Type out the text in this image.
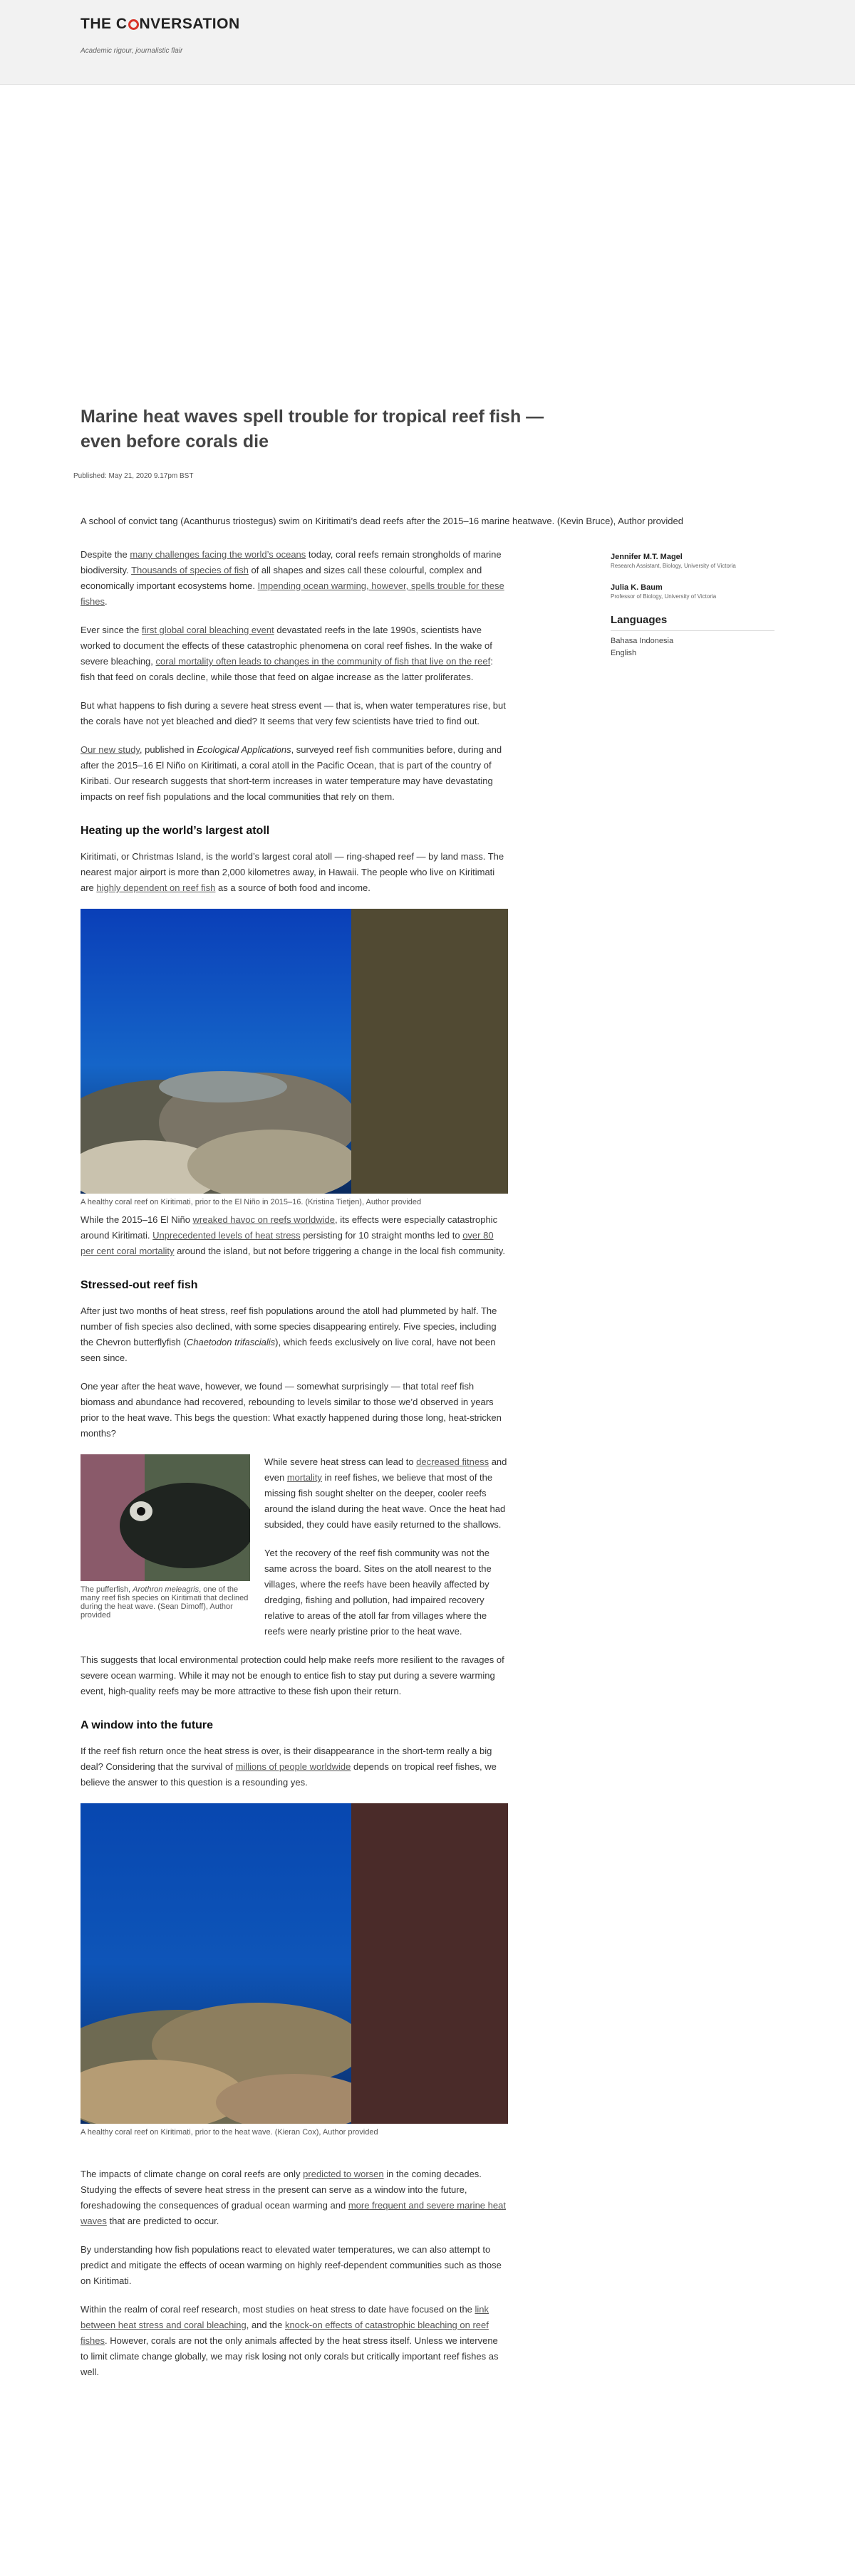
THE C NVERSATION
Academic rigour, journalistic flair
Marine heat waves spell trouble for tropical reef fish — even before corals die
Published: May 21, 2020 9.17pm BST
A school of convict tang (Acanthurus triostegus) swim on Kiritimati’s dead reefs after the 2015–16 marine heatwave. (Kevin Bruce), Author provided
Jennifer M.T. Magel
Research Assistant, Biology, University of Victoria
Julia K. Baum
Professor of Biology, University of Victoria
Languages
Bahasa Indonesia
English

Despite the many challenges facing the world’s oceans today, coral reefs remain strongholds of marine biodiversity. Thousands of species of fish of all shapes and sizes call these colourful, complex and economically important ecosystems home. Impending ocean warming, however, spells trouble for these fishes.

Ever since the first global coral bleaching event devastated reefs in the late 1990s, scientists have worked to document the effects of these catastrophic phenomena on coral reef fishes. In the wake of severe bleaching, coral mortality often leads to changes in the community of fish that live on the reef: fish that feed on corals decline, while those that feed on algae increase as the latter proliferates.

But what happens to fish during a severe heat stress event — that is, when water temperatures rise, but the corals have not yet bleached and died? It seems that very few scientists have tried to find out.

Our new study, published in Ecological Applications, surveyed reef fish communities before, during and after the 2015–16 El Niño on Kiritimati, a coral atoll in the Pacific Ocean, that is part of the country of Kiribati. Our research suggests that short-term increases in water temperature may have devastating impacts on reef fish populations and the local communities that rely on them.

Heating up the world’s largest atoll

Kiritimati, or Christmas Island, is the world’s largest coral atoll — ring-shaped reef — by land mass. The nearest major airport is more than 2,000 kilometres away, in Hawaii. The people who live on Kiritimati are highly dependent on reef fish as a source of both food and income.

While the 2015–16 El Niño wreaked havoc on reefs worldwide, its effects were especially catastrophic around Kiritimati. Unprecedented levels of heat stress persisting for 10 straight months led to over 80 per cent coral mortality around the island, but not before triggering a change in the local fish community.

Stressed-out reef fish

After just two months of heat stress, reef fish populations around the atoll had plummeted by half. The number of fish species also declined, with some species disappearing entirely. Five species, including the Chevron butterflyfish (Chaetodon trifascialis), which feeds exclusively on live coral, have not been seen since.

One year after the heat wave, however, we found — somewhat surprisingly — that total reef fish biomass and abundance had recovered, rebounding to levels similar to those we’d observed in years prior to the heat wave. This begs the question: What exactly happened during those long, heat-stricken months?

While severe heat stress can lead to decreased fitness and even mortality in reef fishes, we believe that most of the missing fish sought shelter on the deeper, cooler reefs around the island during the heat wave. Once the heat had subsided, they could have easily returned to the shallows.

Yet the recovery of the reef fish community was not the same across the board. Sites on the atoll nearest to the villages, where the reefs have been heavily affected by dredging, fishing and pollution, had impaired recovery relative to areas of the atoll far from villages where the reefs were nearly pristine prior to the heat wave.

This suggests that local environmental protection could help make reefs more resilient to the ravages of severe ocean warming. While it may not be enough to entice fish to stay put during a severe warming event, high-quality reefs may be more attractive to these fish upon their return.

A window into the future

If the reef fish return once the heat stress is over, is their disappearance in the short-term really a big deal? Considering that the survival of millions of people worldwide depends on tropical reef fishes, we believe the answer to this question is a resounding yes.

The impacts of climate change on coral reefs are only predicted to worsen in the coming decades. Studying the effects of severe heat stress in the present can serve as a window into the future, foreshadowing the consequences of gradual ocean warming and more frequent and severe marine heat waves that are predicted to occur.

By understanding how fish populations react to elevated water temperatures, we can also attempt to predict and mitigate the effects of ocean warming on highly reef-dependent communities such as those on Kiritimati.

Within the realm of coral reef research, most studies on heat stress to date have focused on the link between heat stress and coral bleaching, and the knock-on effects of catastrophic bleaching on reef fishes. However, corals are not the only animals affected by the heat stress itself. Unless we intervene to limit climate change globally, we may risk losing not only corals but critically important reef fishes as well.

A healthy coral reef on Kiritimati, prior to the El Niño in 2015–16. (Kristina Tietjen), Author provided
The pufferfish, Arothron meleagris, one of the many reef fish species on Kiritimati that declined during the heat wave. (Sean Dimoff), Author provided
A healthy coral reef on Kiritimati, prior to the heat wave. (Kieran Cox), Author provided
